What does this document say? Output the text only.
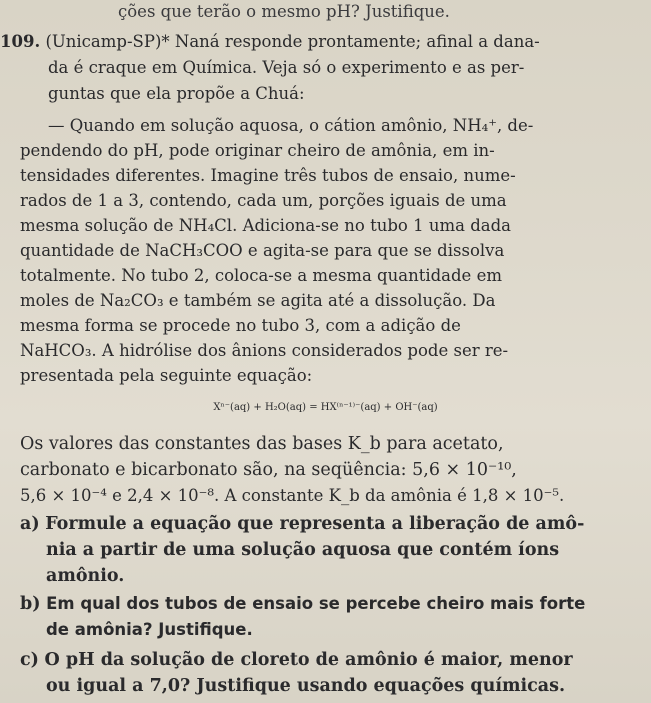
ções que terão o mesmo pH? Justifique.
109. (Unicamp-SP)* Naná responde prontamente; afinal a dana-
da é craque em Química. Veja só o experimento e as per-
guntas que ela propõe a Chuá:
— Quando em solução aquosa, o cátion amônio, NH₄⁺, de-
pendendo do pH, pode originar cheiro de amônia, em in-
tensidades diferentes. Imagine três tubos de ensaio, nume-
rados de 1 a 3, contendo, cada um, porções iguais de uma
mesma solução de NH₄Cl. Adiciona-se no tubo 1 uma dada
quantidade de NaCH₃COO e agita-se para que se dissolva
totalmente. No tubo 2, coloca-se a mesma quantidade em
moles de Na₂CO₃ e também se agita até a dissolução. Da
mesma forma se procede no tubo 3, com a adição de
NaHCO₃. A hidrólise dos ânions considerados pode ser re-
presentada pela seguinte equação:
Xⁿ⁻(aq) + H₂O(aq) = HX⁽ⁿ⁻¹⁾⁻(aq) + OH⁻(aq)
Os valores das constantes das bases K_b para acetato,
carbonato e bicarbonato são, na seqüência: 5,6 × 10⁻¹⁰,
5,6 × 10⁻⁴ e 2,4 × 10⁻⁸. A constante K_b da amônia é 1,8 × 10⁻⁵.
a) Formule a equação que representa a liberação de amô-
nia a partir de uma solução aquosa que contém íons
amônio.
b) Em qual dos tubos de ensaio se percebe cheiro mais forte
de amônia? Justifique.
c) O pH da solução de cloreto de amônio é maior, menor
ou igual a 7,0? Justifique usando equações químicas.
